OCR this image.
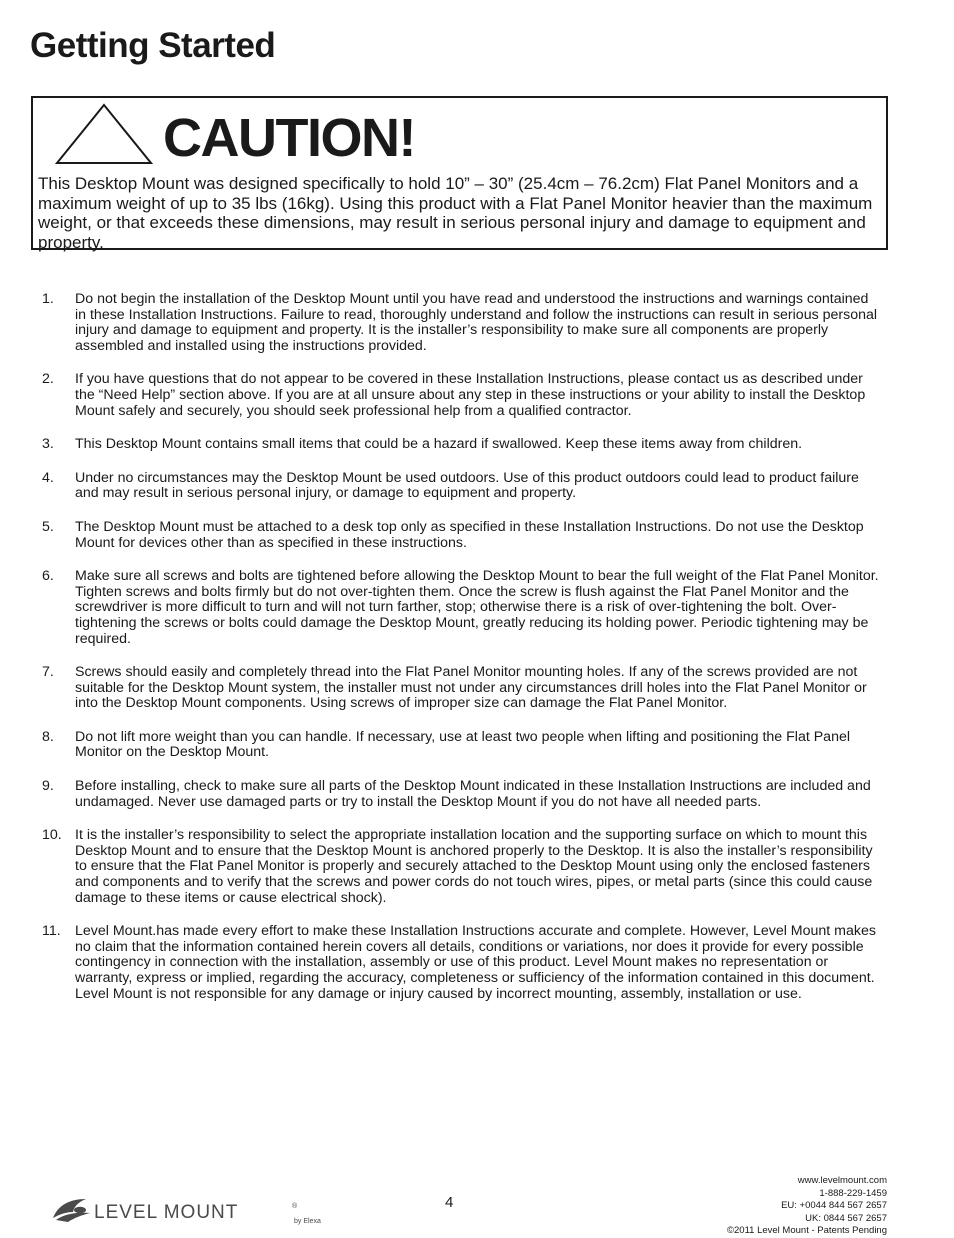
Getting Started
CAUTION!

This Desktop Mount was designed specifically to hold 10” – 30” (25.4cm – 76.2cm) Flat Panel Monitors and a maximum weight of up to 35 lbs (16kg). Using this product with a Flat Panel Monitor heavier than the maximum weight, or that exceeds these dimensions, may result in serious personal injury and damage to equipment and property.

1. Do not begin the installation of the Desktop Mount until you have read and understood the instructions and warnings contained in these Installation Instructions. Failure to read, thoroughly understand and follow the instructions can result in serious personal injury and damage to equipment and property. It is the installer’s responsibility to make sure all components are properly assembled and installed using the instructions provided.
2. If you have questions that do not appear to be covered in these Installation Instructions, please contact us as described under the “Need Help” section above. If you are at all unsure about any step in these instructions or your ability to install the Desktop Mount safely and securely, you should seek professional help from a qualified contractor.
3. This Desktop Mount contains small items that could be a hazard if swallowed. Keep these items away from children.
4. Under no circumstances may the Desktop Mount be used outdoors. Use of this product outdoors could lead to product failure and may result in serious personal injury, or damage to equipment and property.
5. The Desktop Mount must be attached to a desk top only as specified in these Installation Instructions. Do not use the Desktop Mount for devices other than as specified in these instructions.
6. Make sure all screws and bolts are tightened before allowing the Desktop Mount to bear the full weight of the Flat Panel Monitor. Tighten screws and bolts firmly but do not over-tighten them. Once the screw is flush against the Flat Panel Monitor and the screwdriver is more difficult to turn and will not turn farther, stop; otherwise there is a risk of over-tightening the bolt. Over-tightening the screws or bolts could damage the Desktop Mount, greatly reducing its holding power. Periodic tightening may be required.
7. Screws should easily and completely thread into the Flat Panel Monitor mounting holes. If any of the screws provided are not suitable for the Desktop Mount system, the installer must not under any circumstances drill holes into the Flat Panel Monitor or into the Desktop Mount components. Using screws of improper size can damage the Flat Panel Monitor.
8. Do not lift more weight than you can handle. If necessary, use at least two people when lifting and positioning the Flat Panel Monitor on the Desktop Mount.
9. Before installing, check to make sure all parts of the Desktop Mount indicated in these Installation Instructions are included and undamaged. Never use damaged parts or try to install the Desktop Mount if you do not have all needed parts.
10. It is the installer’s responsibility to select the appropriate installation location and the supporting surface on which to mount this Desktop Mount and to ensure that the Desktop Mount is anchored properly to the Desktop. It is also the installer’s responsibility to ensure that the Flat Panel Monitor is properly and securely attached to the Desktop Mount using only the enclosed fasteners and components and to verify that the screws and power cords do not touch wires, pipes, or metal parts (since this could cause damage to these items or cause electrical shock).
11. Level Mount.has made every effort to make these Installation Instructions accurate and complete. However, Level Mount makes no claim that the information contained herein covers all details, conditions or variations, nor does it provide for every possible contingency in connection with the installation, assembly or use of this product. Level Mount makes no representation or warranty, express or implied, regarding the accuracy, completeness or sufficiency of the information contained in this document. Level Mount is not responsible for any damage or injury caused by incorrect mounting, assembly, installation or use.
LEVEL MOUNT	®
by Elexa
4
www.levelmount.com
1-888-229-1459
EU: +0044 844 567 2657
UK: 0844 567 2657
©2011 Level Mount - Patents Pending
